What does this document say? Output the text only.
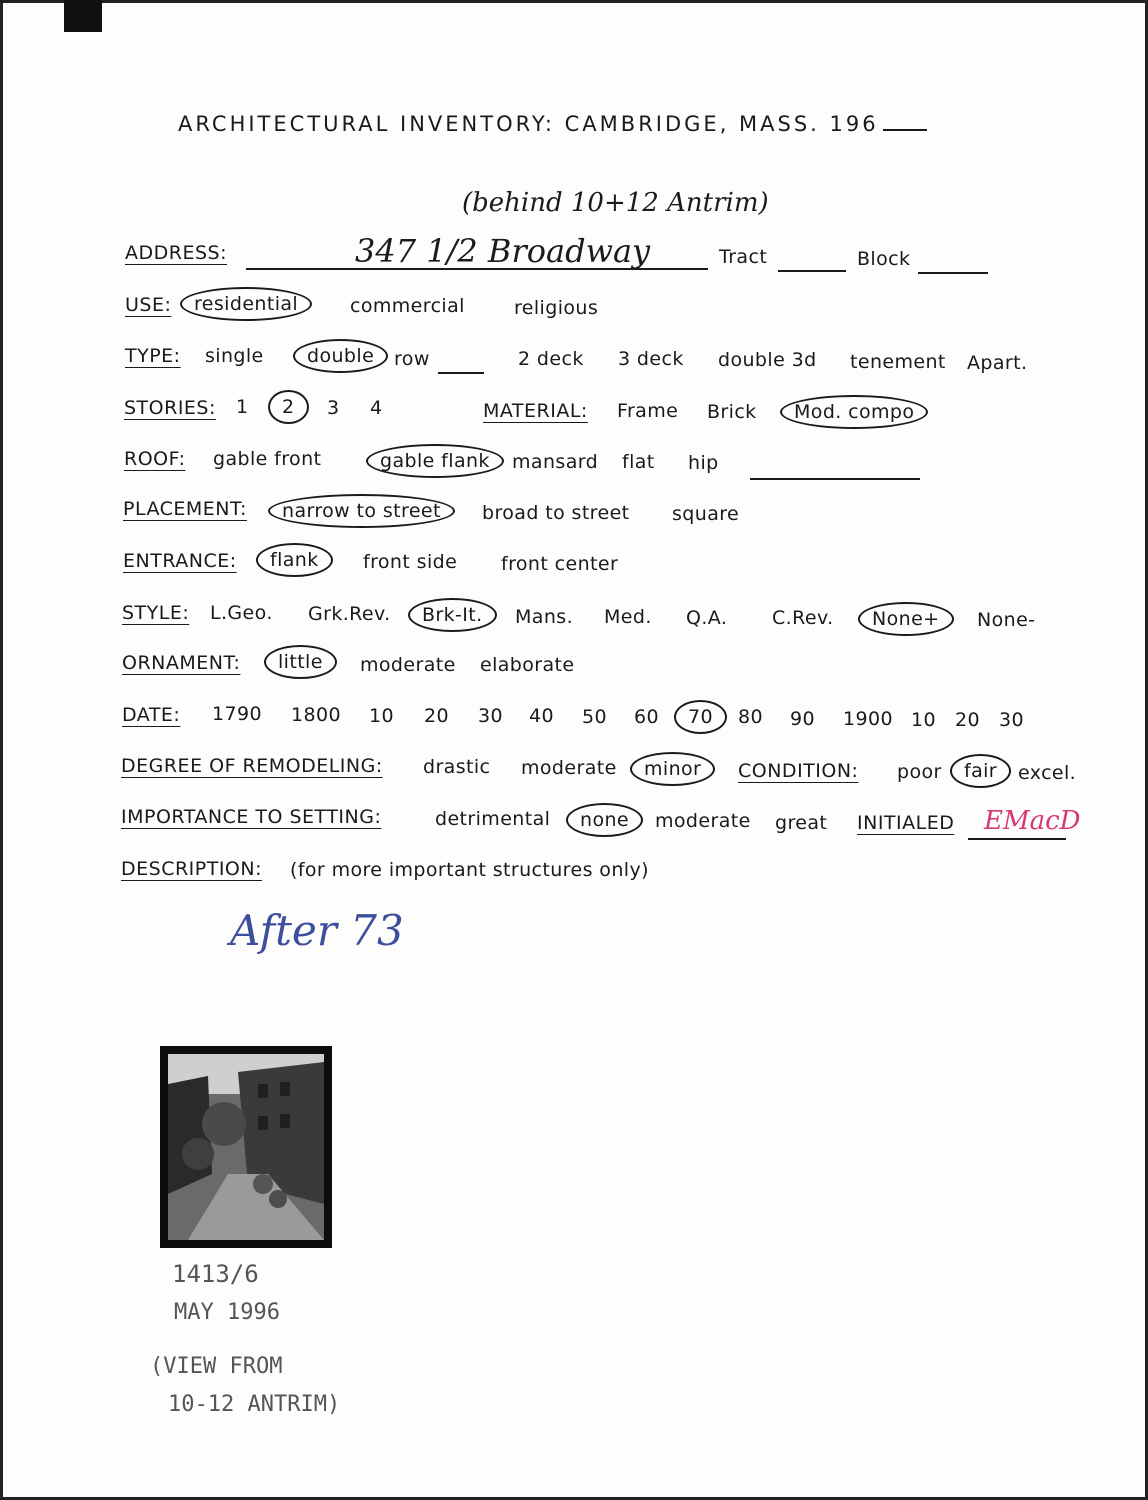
ARCHITECTURAL INVENTORY: CAMBRIDGE, MASS. 196
(behind 10+12 Antrim)
ADDRESS:	347 1/2 Broadway	Tract	Block
USE: residential	commercial	religious
TYPE: single double	row	2 deck 3 deck double 3d tenement Apart.
STORIES: 1 2	3 4	MATERIAL: Frame Brick Mod. compo
ROOF: gable front	gable flank	mansard flat hip
PLACEMENT: narrow to street	broad to street square
ENTRANCE: flank	front side front center
STYLE: L.Geo. Grk.Rev. Brk-It.	Mans. Med. Q.A. C.Rev. None+	None-
ORNAMENT: little	moderate elaborate
DATE: 1790 1800 10 20 30 40 50 60 70	80 90 1900 10 20 30
DEGREE OF REMODELING: drastic moderate minor	CONDITION: poor fair	excel.
IMPORTANCE TO SETTING:	detrimental none	moderate great INITIALED EMacD
DESCRIPTION: (for more important structures only)
After 73
1413/6
MAY 1996
(VIEW FROM
10-12 ANTRIM)
